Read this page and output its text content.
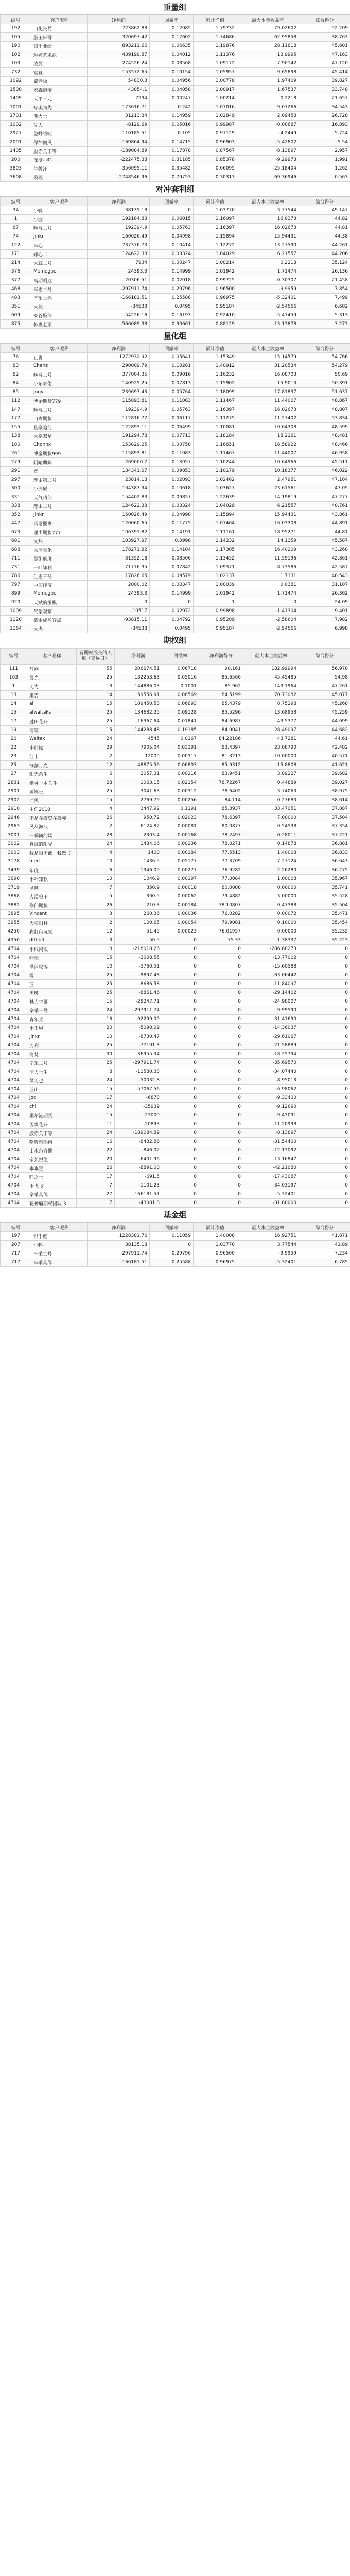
重量组
编号	客户昵称	净利润	回撤率	累计净值	最大本金收益率	综合得分
192	山化交易	723862.88	0.12085	1.79732	79.02602	52.209
105	股王轩哥	320697.42	0.17602	1.74686	62.95858	38.763
190	锦川业绩	893211.66	0.06635	1.19876	28.11818	45.601
102	琳婷艺术蛇	439199.87	0.04012	1.11376	13.9995	47.163
103	凌晨	274526.24	0.08568	1.09172	7.90142	47.120
732	富亘	153572.65	0.10154	1.05957	9.65898	45.414
1092	翼老板	54830.3	0.04956	1.00778	1.97409	39.827
1500	宏森道闲	43854.1	0.04058	1.00917	1.67537	33.748
1409	天平三元	7934	0.00247	1.00214	0.2218	21.657
1001	写奥为先	173616.71	0.242	1.07016	9.07266	34.543
1701	期大士	31213.34	0.14959	1.02849	2.09458	26.728
1002	佐人	-8129.69	0.05016	0.99987	-0.00687	16.893
2927	益野绒旺	-110185.51	0.105	0.97129	-4.2449	5.724
2001	保律阁风	-169864.94	0.14715	0.96903	-5.42802	5.54
1405	股赤关丁等	-189084.89	0.17878	0.87567	-8.13897	2.957
200	深度小咩	-222475.38	0.31185	0.85378	-9.29973	1.991
3803	牛牌汗	-356095.11	0.35482	0.66095	-25.18404	1.262
3608	段段	-2748546.96	0.79753	0.30313	-69.36946	0.563
对冲套利组
编号	客户昵称	净利润	回撤率	累计净值	最大本金收益率	综合得分
34	小鸭	38135.18	0	1.03770	3.77544	49.147
1	小园	192184.88	0.06015	1.16097	16.0373	44.82
67	晚亏二号	192394.9	0.05763	1.16397	16.02673	44.81
74	Jinkr	160026.49	0.04998	1.15894	15.94431	44.38
122	辛心	737376.73	0.10414	1.12272	13.27590	44.261
171	嫁心二	124622.38	0.03324	1.04029	6.21557	44.206
214	大蒜二号	7934	0.00247	1.00214	0.2218	35.124
376	Momogbo	24393.3	0.14999	1.01942	1.71474	26.136
377	高期明达	-20306.51	0.02018	0.99725	-0.30307	21.458
468	辛思二号	-297911.74	0.29796	0.96500	-9.9959	7.854
483	辛采具鸽	-166181.51	0.25588	0.96975	-5.32401	7.499
351	大标	-34538	0.0495	0.95187	-2.54566	6.682
609	泰谷股阁	-54226.16	0.16193	0.92410	-5.47459	5.313
875	韩盘老栗	-566089.38	0.30661	0.88129	-13.13878	3.273
量化组
编号	客户昵称	净利润	回撤率	累计净值	最大本金收益率	综合得分
76	止善	1272932.92	0.05641	1.15349	15.14579	54.766
83	Chenz	290009.79	0.10281	1.40912	31.20534	54.279
82	晚亏二号	377004.35	0.09016	1.16232	16.08703	50.69
84	小东家佬	140925.25	0.07813	1.15902	15.9013	50.391
85	Juqyl	239697.43	0.05764	1.18099	17.81837	51.637
112	博金期货779	115893.81	0.11083	1.11467	11.44007	48.867
147	晚亏二号	192394.9	0.05763	1.16397	16.02673	48.807
177	山嵩期货	112816.77	0.06117	1.11275	11.27402	53.834
155	量聚追红	122893.11	0.06499	1.10081	10.64308	48.599
138	大格双星	191294.78	0.07713	1.18184	18.2161	48.481
180	Chonnx	153829.25	0.00758	1.16651	16.58922	48.466
261	博金期货999	115893.81	0.11083	1.11467	11.44007	46.958
279	阴晴曲陈	269000.7	0.13957	1.10244	10.64966	45.511
291	宽	134341.07	0.09853	1.10179	10.18377	46.022
297	理由第二号	23814.18	0.02093	1.02462	2.47981	47.104
300	小辰辰	104387.34	0.10618	1.03627	23.61561	47.05
331	天气晴朗	154402.83	0.09857	1.22639	14.19819	47.277
338	理由二号	124622.38	0.03324	1.04029	6.21557	40.761
352	Jinkr	160026.49	0.04998	1.15894	15.94431	43.861
447	乐发期盘	120060.65	0.11775	1.07464	16.03308	44.891
673	理由期货777	106391.82	0.14191	1.11161	18.95271	44.81
681	大兵	103927.97	0.0998	1.14232	14.1359	45.587
688	风清量化	178271.82	0.14104	1.17305	16.40209	43.268
711	晨街航班	31352.18	0.08506	1.13452	11.59196	42.861
731	一叶知秋	71776.35	0.07842	1.09371	8.73586	42.587
786	生思三号	17826.65	0.09579	1.02137	1.7131	40.543
797	中证经济	2000.02	0.00347	1.00039	0.0381	31.107
899	Momogbo	24393.3	0.14999	1.01942	1.71474	26.362
920	天赋的围棋	0	0	1	0	24.09
1009	气象观察	-10517	0.02972	0.99898	-1.41304	9.401
1120	截雷成盈客点	-93815.11	0.04792	0.95209	-2.58604	7.982
1164	大虎	-34538	0.0495	0.95187	-2.54566	6.998
期权组
编号	客户昵称	有期权成交的天数（交易日）	净利润	回撤率	净利润得分	最大本金收益率	综合得分
111	静燕	55	206674.51	0.06718	90.161	182.99994	56.978
163	晨光	25	132253.63	0.05016	85.6566	45.45485	54.98
1	无为	13	144886.03	0.1001	85.962	143.1964	47.261
13	墨吉	14	59556.91	0.08569	84.5199	70.73082	45.077
14	ai	15	109450.58	0.06893	85.4379	8.75298	45.268
15	alwaltaks	25	134682.25	0.09128	85.5296	13.68958	45.259
17	过田花开	25	16367.64	0.01841	84.6987	43.5377	44.699
19	清寒	15	144288.48	0.19185	84.9041	28.49097	44.682
20	Waltex	24	4545	0.0167	84.22186	43.7281	44.61
22	小柠檬	29	7905.04	0.03391	83.4397	23.08790	42.482
23	红卡	2	12000	0.00317	81.3213	-10.00000	40.571
25	分割月光	12	48875.56	0.06803	85.9312	15.8808	41.621
27	阳光余生	6	2057.31	0.00216	83.9451	3.89227	39.682
2831	幽灵一本关斗	28	1063.15	0.02154	78.72267	0.44889	39.027
2901	黄锦坐	25	3041.63	0.00312	78.6402	3.74063	38.975
2902	西贝	15	2769.79	0.00256	84.114	0.27683	38.614
2910	主任2010	4	3447.92	0.1191	85.3937	33.47051	37.887
2946	不是在投资在投赤	26	950.72	0.02023	78.6397	7.00000	37.504
2963	风从海浪	2	6124.82	0.00081	80.0877	0.54538	37.354
3001	一瞬间的风	28	2303.4	0.00168	78.2497	0.28011	37.221
3002	真诚的阳光	24	1484.06	0.00236	78.0271	0.14878	36.881
3003	我是很勇敢 · 我做（	4	1400	0.00184	77.5513	1.40008	36.833
3178	med	10	1436.5	0.05177	77.3709	7.27124	36.643
3439	年度	6	1346.09	0.00277	76.9282	2.26280	36.275
3690	小叶知秋	10	1046.9	0.00197	77.0084	1.00008	35.967
3719	风顺	7	350.9	0.00018	80.0088	0.00000	35.741
3868	大漠狼王	5	300.5	0.00062	79.4882	3.00000	35.528
3882	修仙期货	26	210.3	0.00184	78.10807	0.47388	35.504
3895	Vincent	3	260.36	0.00036	76.0282	0.00072	35.471
3955	大名阳林	2	100.65	0.00054	79.9081	0.10000	35.454
4250	彩虹色玩家	12	51.45	0.00023	76.01957	0.00000	35.232
4350	dffhhff	3	50.5	0	75.33	1.38337	35.223
4704	小熊闲散	8	-218018.26	0	0	-286.88273	0
4704	叶坛	15	-3008.55	0	0	-13.77002	0
4704	湛蓝松涛	10	-5760.51	0	0	-15.60588	0
4704	雾	25	-9897.43	0	0	-63.06442	0
4704	蓝	25	-8686.58	0	0	-11.84097	0
4704	黑斑	25	-8861.46	0	0	-29.14402	0
4704	魅力李哥	15	-28247.71	0	0	-24.98007	0
4704	辛采三号	24	-297911.74	0	0	-9.99590	0
4704	青年兵	16	-92299.09	0	0	-31.41690	0
4704	小千屋	20	-5090.09	0	0	-14.36037	0
4704	Jinkr	10	-8730.47	0	0	-29.61067	0
4704	周利	25	-77191.3	0	0	-21.58889	0
4704	伶梵	30	-36955.34	0	0	-18.25794	0
4704	辛采二号	25	-297911.74	0	0	-35.69570	0
4704	清人士生	8	-11580.38	0	0	-34.07440	0
4704	琴无也	24	-50032.8	0	0	-8.95013	0
4704	蓝山	15	-57067.56	0	0	-6.98062	0
4704	jod	17	-6878	0	0	-9.33400	0
4704	chi	24	-35939	0	0	-9.12690	0
4704	墨尔港期货	15	-23000	0	0	-9.43091	0
4704	因贵花开	11	-20893	0	0	-11.20998	0
4704	股赤关丁等	24	-189084.89	0	0	-8.13897	0
4704	咯牌刻鹅肉	16	-8432.86	0	0	-31.54400	0
4704	山水东方期	22	-846.02	0	0	-12.13092	0
4704	帝弧悦绝	20	-6401.96	0	0	-13.16847	0
4704	乖乖宝	26	-8891.00	0	0	-42.21080	0
4704	旺之士	17	-691.5	0	0	-17.43087	0
4704	玉飞飞	7	-1101.23	0	0	-34.03197	0
4704	辛采具鸽	27	-166181.51	0	0	-5.32401	0
4704	花神瘤期权团队 3	7	-43081.8	0	0	-31.80000	0
基金组
编号	客户昵称	净利润	回撤率	累计净值	最大本金收益率	综合得分
197	银千度	1228381.76	0.11059	1.40008	16.92751	41.871
207	小鸭	38135.18	0	1.03770	3.77544	41.89
717	辛采二号	-297911.74	0.29796	0.96500	-9.9959	7.234
717	辛采具鸽	-166181.51	0.25588	0.96975	-5.32401	6.785
